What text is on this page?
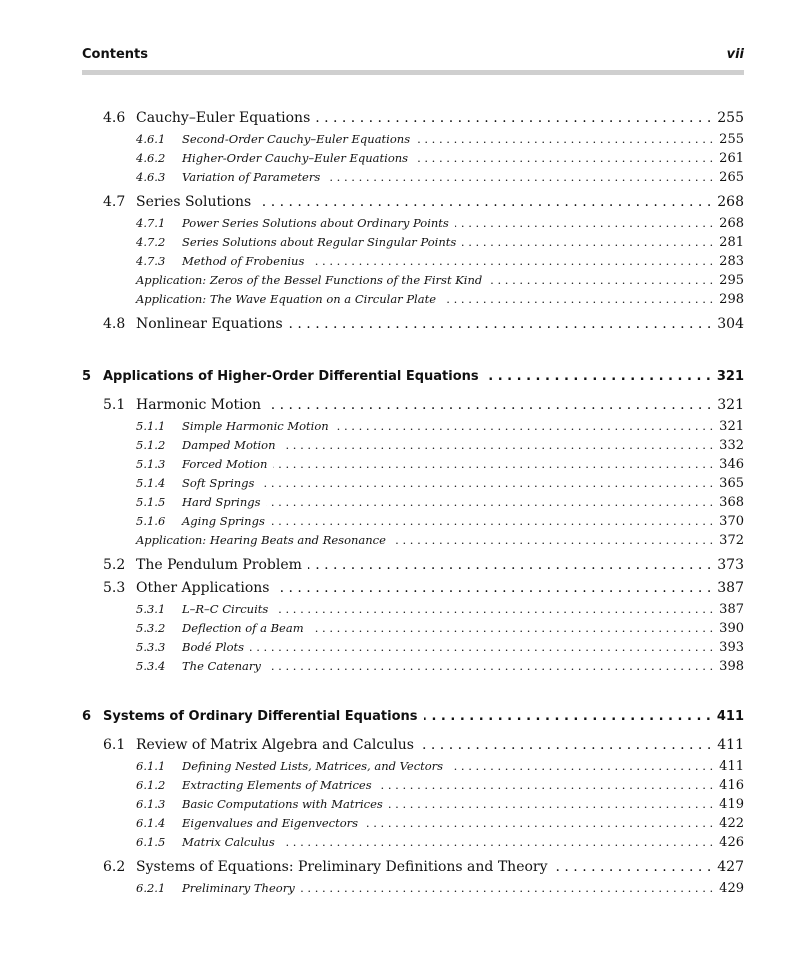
Contents	vii
4.6 Cauchy–Euler Equations . . .	255
4.6.1	Second-Order Cauchy–Euler Equations . . .	255
4.6.2	Higher-Order Cauchy–Euler Equations . . .	261
4.6.3	Variation of Parameters . . .	265
4.7 Series Solutions . . .	268
4.7.1	Power Series Solutions about Ordinary Points . . .	268
4.7.2	Series Solutions about Regular Singular Points . . .	281
4.7.3	Method of Frobenius . . .	283
Application: Zeros of the Bessel Functions of the First Kind . . .	295
Application: The Wave Equation on a Circular Plate . . .	298
4.8 Nonlinear Equations . . .	304
5 Applications of Higher-Order Differential Equations . . .	321
5.1 Harmonic Motion . . .	321
5.1.1	Simple Harmonic Motion . . .	321
5.1.2	Damped Motion . . .	332
5.1.3	Forced Motion . . .	346
5.1.4	Soft Springs . . .	365
5.1.5	Hard Springs . . .	368
5.1.6	Aging Springs . . .	370
Application: Hearing Beats and Resonance . . .	372
5.2 The Pendulum Problem . . .	373
5.3 Other Applications . . .	387
5.3.1	L–R–C Circuits . . .	387
5.3.2	Deflection of a Beam . . .	390
5.3.3	Bodé Plots . . .	393
5.3.4	The Catenary . . .	398
6 Systems of Ordinary Differential Equations . . .	411
6.1 Review of Matrix Algebra and Calculus . . .	411
6.1.1	Defining Nested Lists, Matrices, and Vectors . . .	411
6.1.2	Extracting Elements of Matrices . . .	416
6.1.3	Basic Computations with Matrices . . .	419
6.1.4	Eigenvalues and Eigenvectors . . .	422
6.1.5	Matrix Calculus . . .	426
6.2 Systems of Equations: Preliminary Definitions and Theory . . .	427
6.2.1	Preliminary Theory . . .	429
